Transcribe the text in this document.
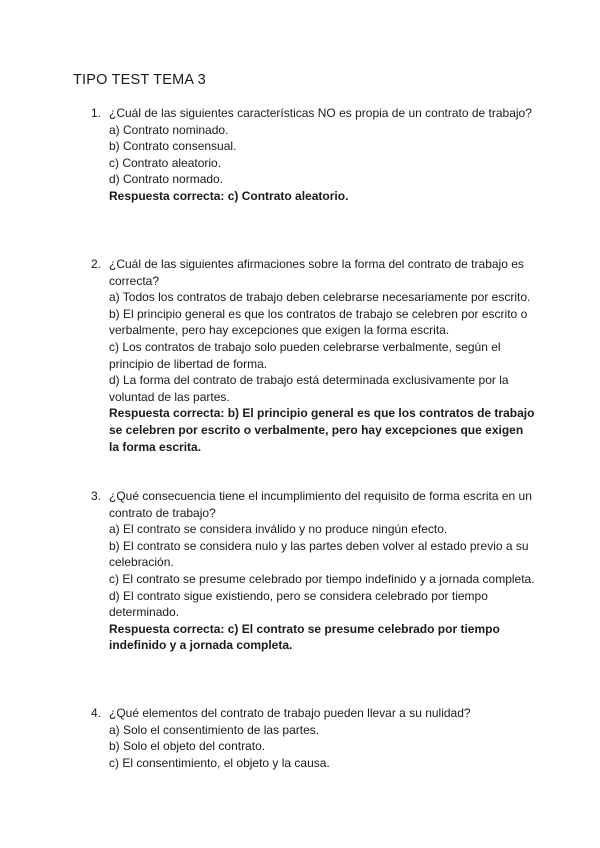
TIPO TEST TEMA 3
1. ¿Cuál de las siguientes características NO es propia de un contrato de trabajo?
a) Contrato nominado.
b) Contrato consensual.
c) Contrato aleatorio.
d) Contrato normado.
Respuesta correcta: c) Contrato aleatorio.
2. ¿Cuál de las siguientes afirmaciones sobre la forma del contrato de trabajo es correcta?
a) Todos los contratos de trabajo deben celebrarse necesariamente por escrito.
b) El principio general es que los contratos de trabajo se celebren por escrito o verbalmente, pero hay excepciones que exigen la forma escrita.
c) Los contratos de trabajo solo pueden celebrarse verbalmente, según el principio de libertad de forma.
d) La forma del contrato de trabajo está determinada exclusivamente por la voluntad de las partes.
Respuesta correcta: b) El principio general es que los contratos de trabajo se celebren por escrito o verbalmente, pero hay excepciones que exigen la forma escrita.
3. ¿Qué consecuencia tiene el incumplimiento del requisito de forma escrita en un contrato de trabajo?
a) El contrato se considera inválido y no produce ningún efecto.
b) El contrato se considera nulo y las partes deben volver al estado previo a su celebración.
c) El contrato se presume celebrado por tiempo indefinido y a jornada completa.
d) El contrato sigue existiendo, pero se considera celebrado por tiempo determinado.
Respuesta correcta: c) El contrato se presume celebrado por tiempo indefinido y a jornada completa.
4. ¿Qué elementos del contrato de trabajo pueden llevar a su nulidad?
a) Solo el consentimiento de las partes.
b) Solo el objeto del contrato.
c) El consentimiento, el objeto y la causa.
